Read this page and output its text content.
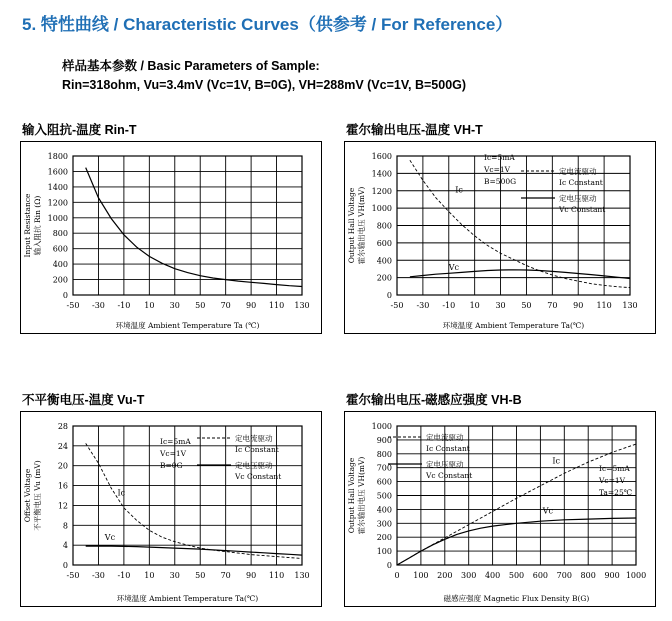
5. 特性曲线 / Characteristic Curves（供参考 / For Reference）
样品基本参数 / Basic Parameters of Sample:
Rin=318ohm, Vu=3.4mV (Vc=1V, B=0G), VH=288mV (Vc=1V, B=500G)
输入阻抗-温度 Rin-T	霍尔输出电压-温度 VH-T
不平衡电压-温度 Vu-T	霍尔输出电压-磁感应强度 VH-B
-50 -30 -10 10 30 50 70 90 110 130
0
200
400
600
800
1000
1200
1400
1600
1800
环境温度 Ambient Temperature Ta (℃)
Input Resistance 输入阻抗 Rin (Ω)
-50 -30 -10 10 30 50 70 90 110 130
0
200
400
600
800
1000
1200
1400
1600
环境温度 Ambient Temperature Ta(℃)
Output Hall Voltage 霍尔输出电压 VH(mV)
Ic=5mA
Vc=1V
B=500G
定电流驱动
Ic Constant
定电压驱动
Vc Constant
Ic
Vc
-50 -30 -10 10 30 50 70 90 110 130
0
4
8
12
16
20
24
28
环境温度 Ambient Temperature Ta(℃)
Offset Voltage 不平衡电压 Vu (mV)
Ic=5mA
Vc=1V
B=0G
定电流驱动
Ic Constant
定电压驱动
Vc Constant
Ic
Vc
0 100 200 300 400 500 600 700 800 900 1000
0
100
200
300
400
500
600
700
800
900
1000
磁感应强度 Magnetic Flux Density B(G)
Output Hall Voltage 霍尔输出电压 VH(mV)	Ic=5mA
Vc=1V
Ta=25℃
定电流驱动
Ic Constant
定电压驱动
Vc Constant
Ic
Vc
